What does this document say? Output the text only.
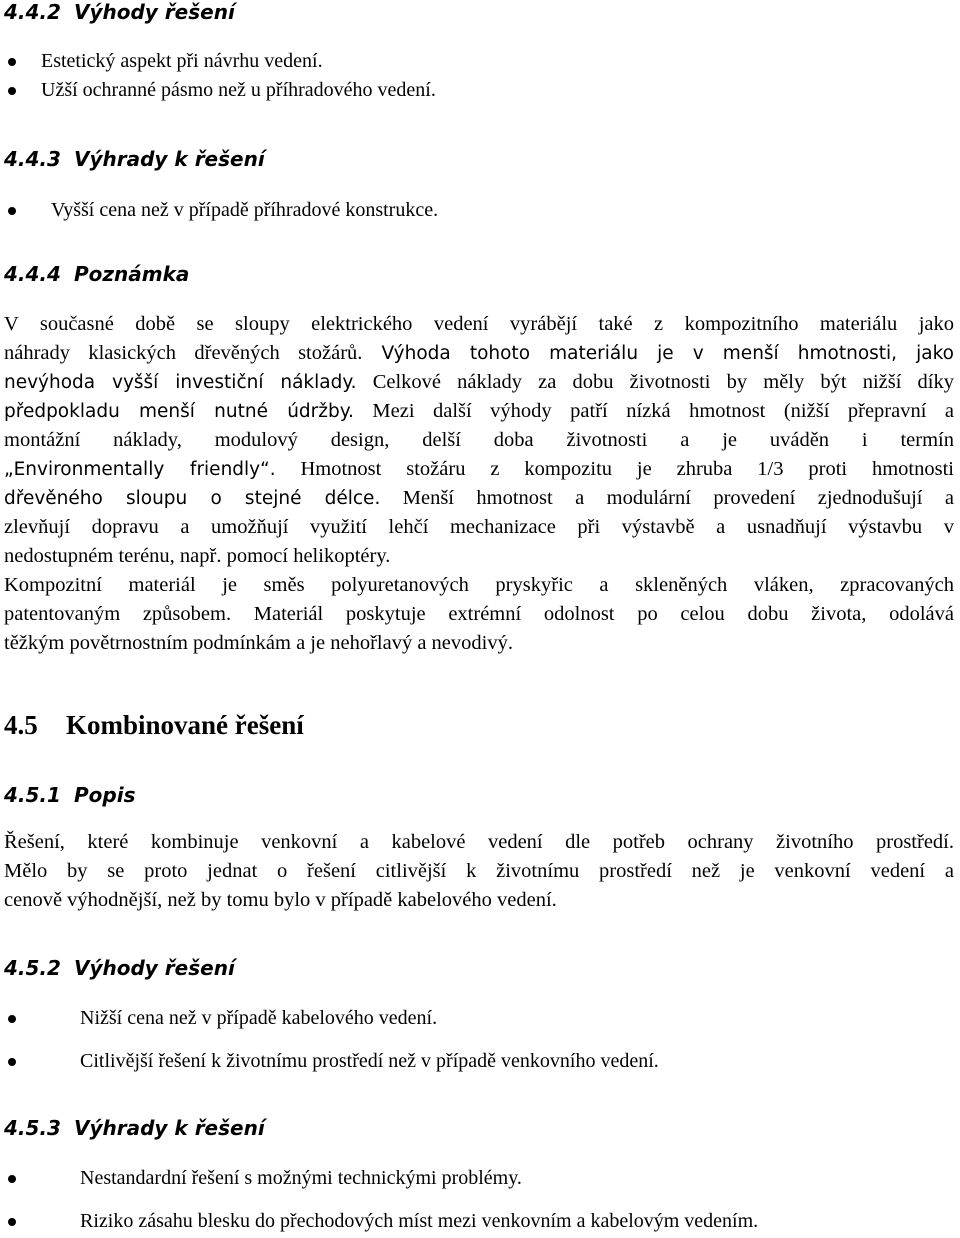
4.4.2 Výhody řešení

Estetický aspekt při návrhu vedení.

Užší ochranné pásmo než u příhradového vedení.

4.4.3 Výhrady k řešení

Vyšší cena než v případě příhradové konstrukce.

4.4.4 Poznámka
V současné době se sloupy elektrického vedení vyrábějí také z kompozitního materiálu jako
náhrady klasických dřevěných stožárů. Výhoda tohoto materiálu je v menší hmotnosti, jako
nevýhoda vyšší investiční náklady. Celkové náklady za dobu životnosti by měly být nižší díky
předpokladu menší nutné údržby. Mezi další výhody patří nízká hmotnost (nižší přepravní a
montážní náklady, modulový design, delší doba životnosti a je uváděn i termín
„Environmentally friendly“. Hmotnost stožáru z kompozitu je zhruba 1/3 proti hmotnosti
dřevěného sloupu o stejné délce. Menší hmotnost a modulární provedení zjednodušují a
zlevňují dopravu a umožňují využití lehčí mechanizace při výstavbě a usnadňují výstavbu v
nedostupném terénu, např. pomocí helikoptéry.
Kompozitní materiál je směs polyuretanových pryskyřic a skleněných vláken, zpracovaných
patentovaným způsobem. Materiál poskytuje extrémní odolnost po celou dobu života, odolává
těžkým povětrnostním podmínkám a je nehořlavý a nevodivý.
4.5 Kombinované řešení
4.5.1 Popis
Řešení, které kombinuje venkovní a kabelové vedení dle potřeb ochrany životního prostředí.
Mělo by se proto jednat o řešení citlivější k životnímu prostředí než je venkovní vedení a
cenově výhodnější, než by tomu bylo v případě kabelového vedení.
4.5.2 Výhody řešení

Nižší cena než v případě kabelového vedení.

Citlivější řešení k životnímu prostředí než v případě venkovního vedení.

4.5.3 Výhrady k řešení

Nestandardní řešení s možnými technickými problémy.

Riziko zásahu blesku do přechodových míst mezi venkovním a kabelovým vedením.
